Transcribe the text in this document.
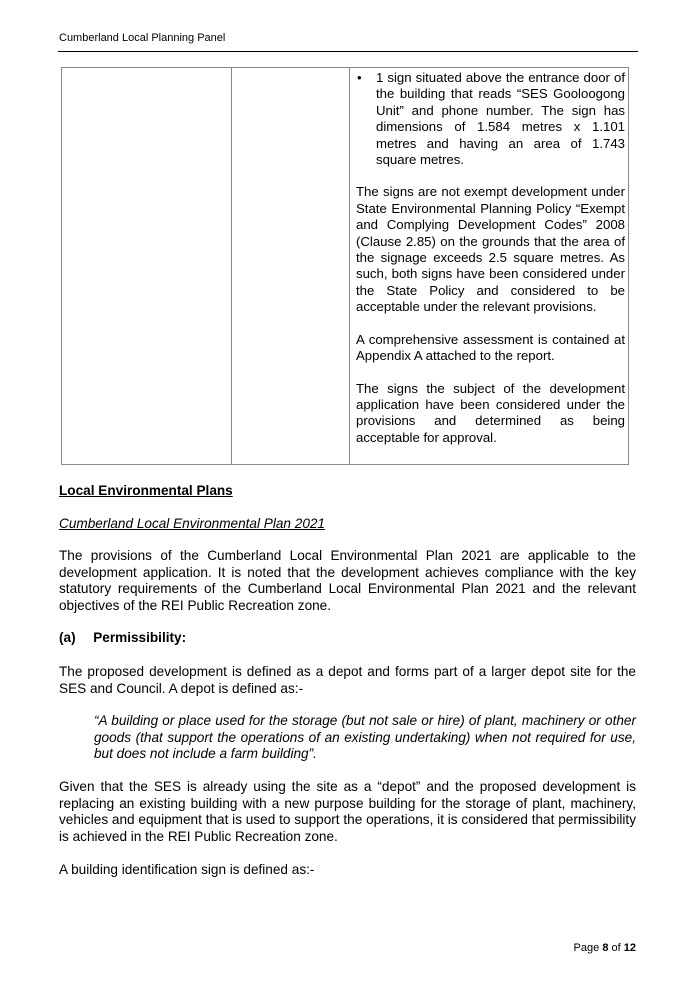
Cumberland Local Planning Panel
• 1 sign situated above the entrance door of the building that reads “SES Gooloogong Unit” and phone number. The sign has dimensions of 1.584 metres x 1.101 metres and having an area of 1.743 square metres.

The signs are not exempt development under State Environmental Planning Policy “Exempt and Complying Development Codes” 2008 (Clause 2.85) on the grounds that the area of the signage exceeds 2.5 square metres. As such, both signs have been considered under the State Policy and considered to be acceptable under the relevant provisions.

A comprehensive assessment is contained at Appendix A attached to the report.

The signs the subject of the development application have been considered under the provisions and determined as being acceptable for approval.

Local Environmental Plans
Cumberland Local Environmental Plan 2021

The provisions of the Cumberland Local Environmental Plan 2021 are applicable to the development application. It is noted that the development achieves compliance with the key statutory requirements of the Cumberland Local Environmental Plan 2021 and the relevant objectives of the REI Public Recreation zone.

(a) Permissibility:

The proposed development is defined as a depot and forms part of a larger depot site for the SES and Council. A depot is defined as:-

“A building or place used for the storage (but not sale or hire) of plant, machinery or other goods (that support the operations of an existing undertaking) when not required for use, but does not include a farm building”.

Given that the SES is already using the site as a “depot” and the proposed development is replacing an existing building with a new purpose building for the storage of plant, machinery, vehicles and equipment that is used to support the operations, it is considered that permissibility is achieved in the REI Public Recreation zone.

A building identification sign is defined as:-
Page 8 of 12
